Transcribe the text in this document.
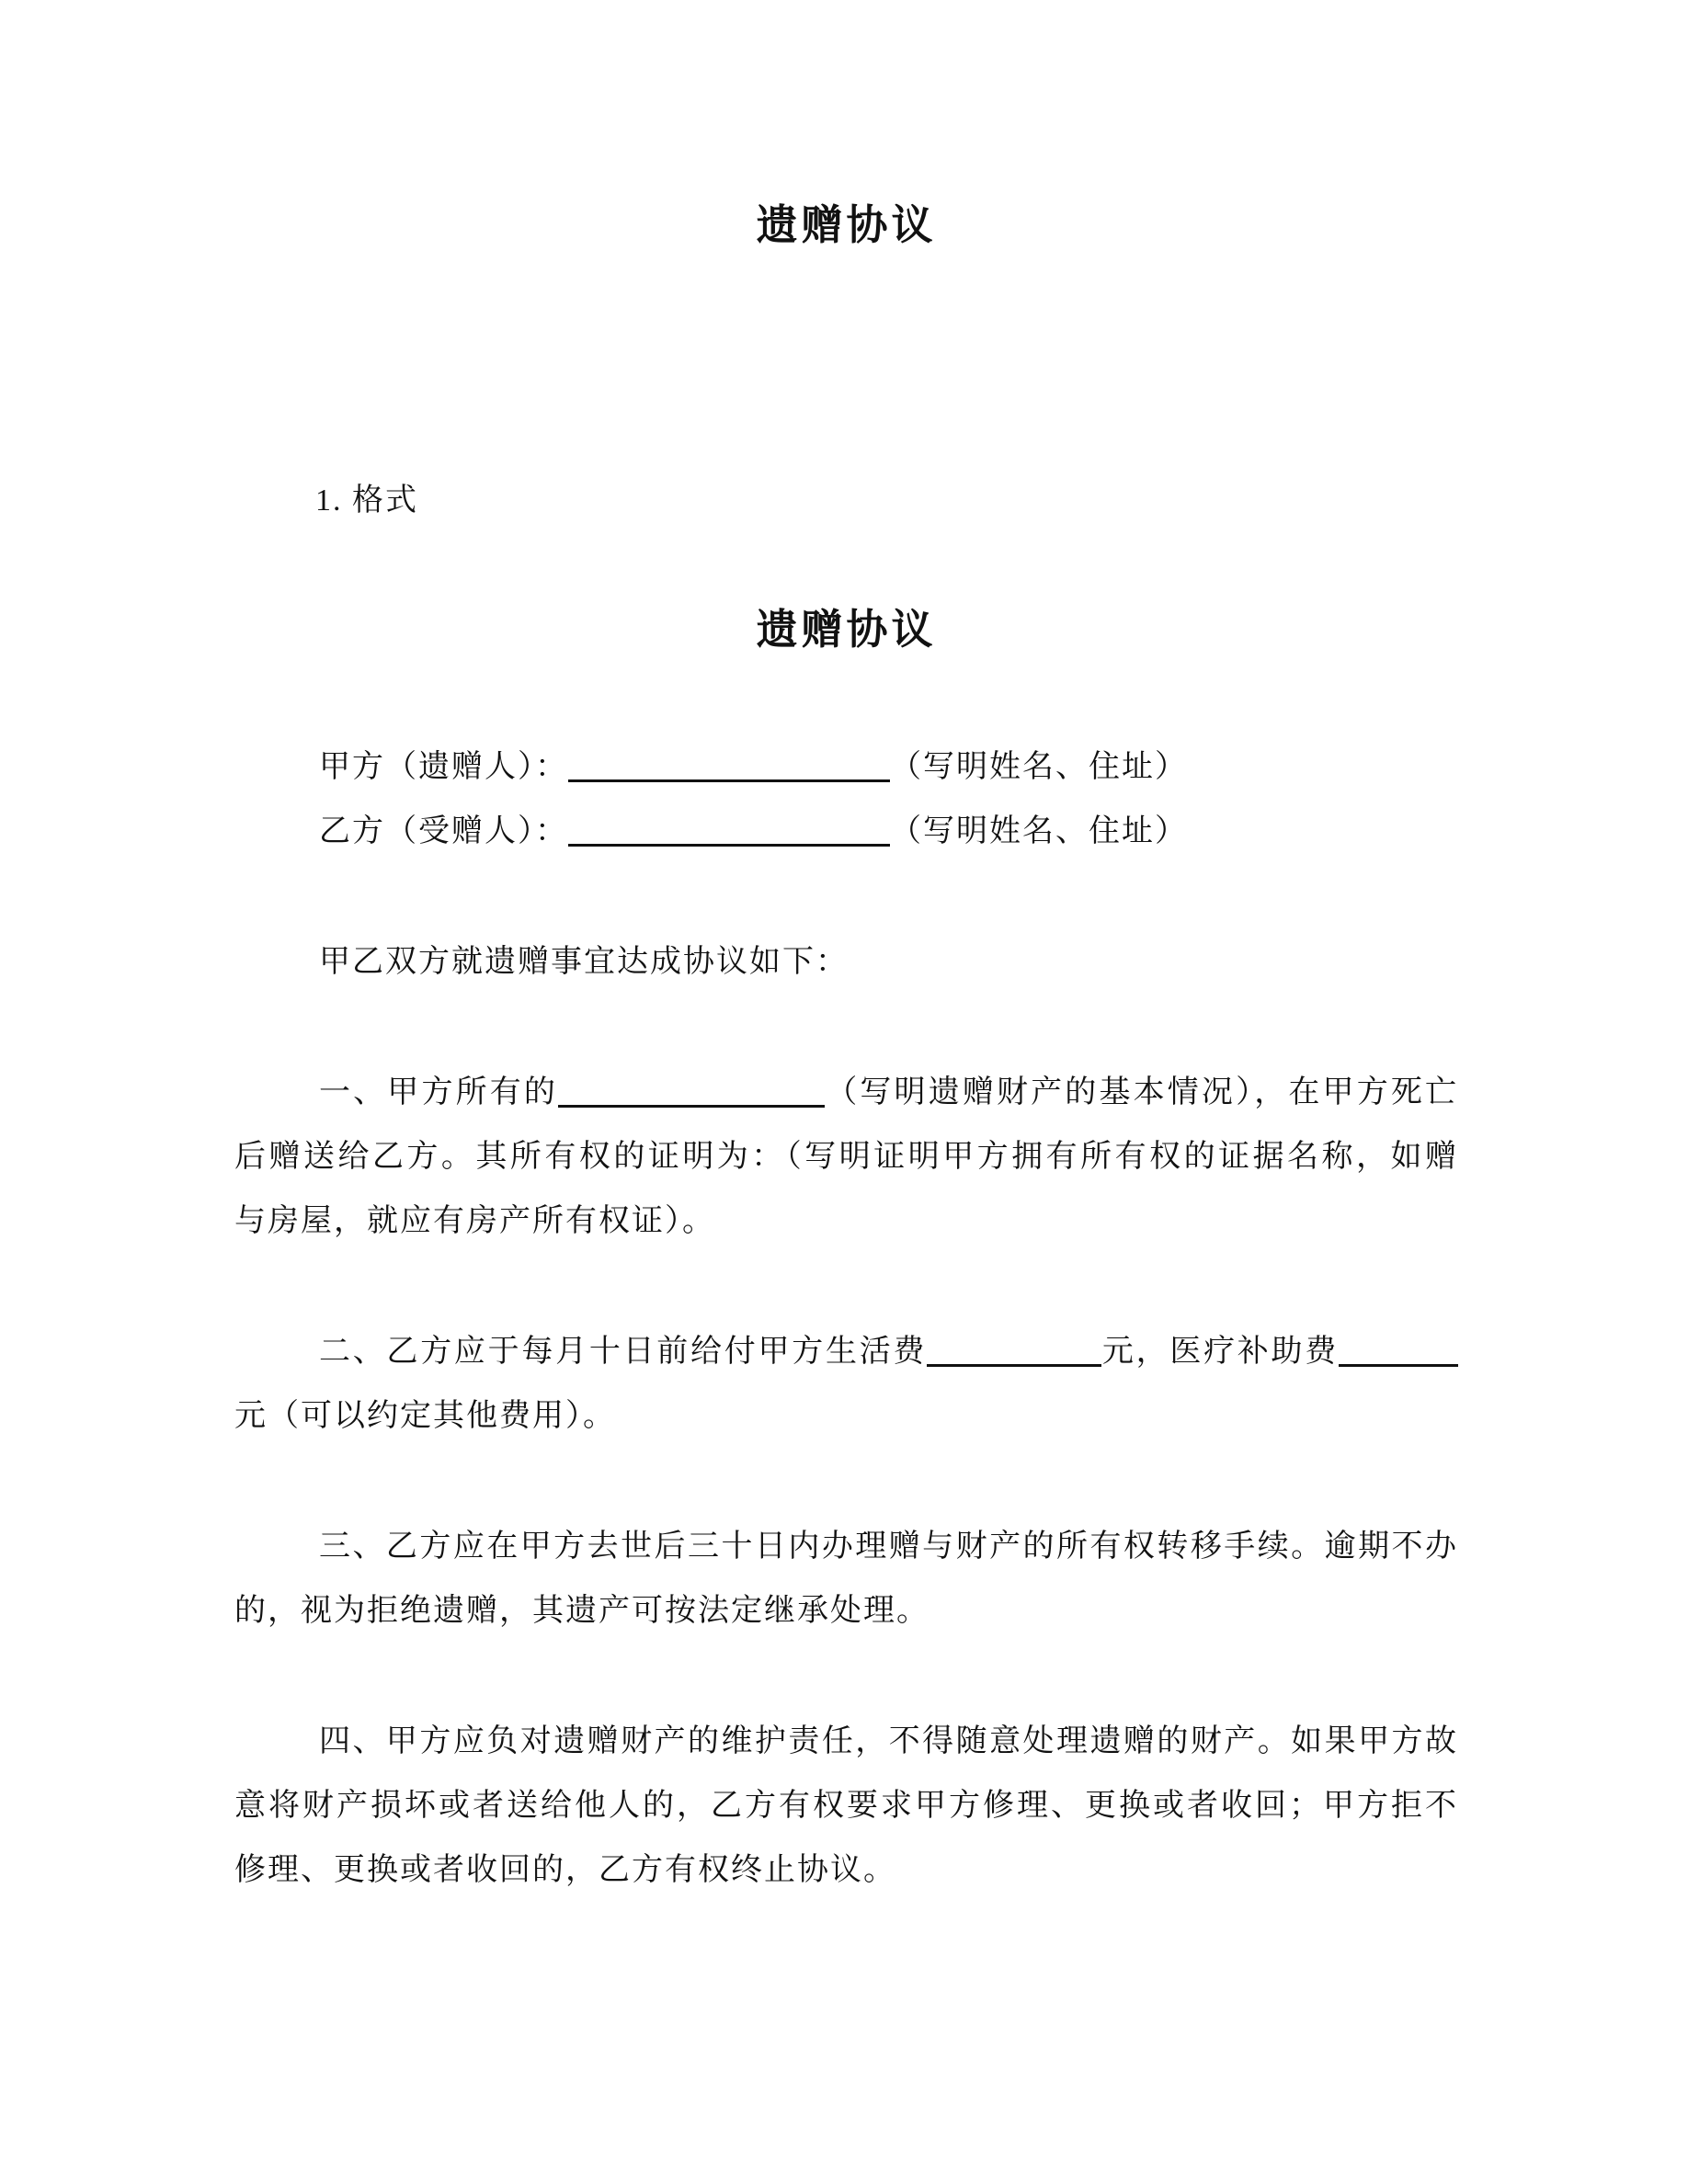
遗赠协议

1. 格式

遗赠协议
甲方（遗赠人）：	（写明姓名、住址）
乙方（受赠人）：	（写明姓名、住址）
甲乙双方就遗赠事宜达成协议如下：
一、甲方所有的	（写明遗赠财产的基本情况），在甲方死亡
后赠送给乙方。其所有权的证明为：（写明证明甲方拥有所有权的证据名称，如赠
与房屋，就应有房产所有权证）。
二、乙方应于每月十日前给付甲方生活费	元，医疗补助费
元（可以约定其他费用）。
三、乙方应在甲方去世后三十日内办理赠与财产的所有权转移手续。逾期不办
的，视为拒绝遗赠，其遗产可按法定继承处理。
四、甲方应负对遗赠财产的维护责任，不得随意处理遗赠的财产。如果甲方故
意将财产损坏或者送给他人的，乙方有权要求甲方修理、更换或者收回；甲方拒不
修理、更换或者收回的，乙方有权终止协议。
